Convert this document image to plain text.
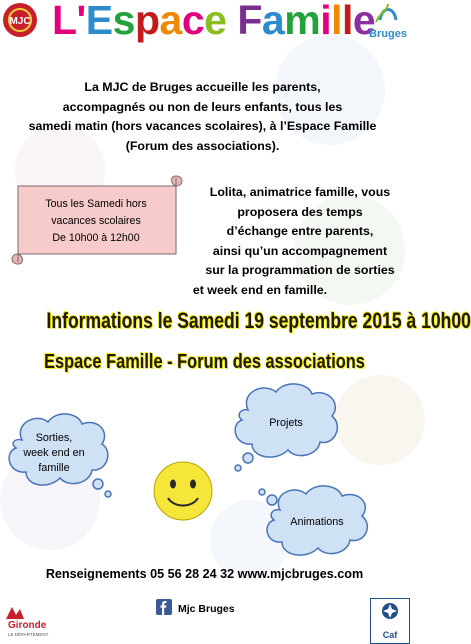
MJC L'Espace Famille
Bruges
La MJC de Bruges accueille les parents,
accompagnés ou non de leurs enfants, tous les
samedi matin (hors vacances scolaires), à l’Espace Famille
(Forum des associations).
Tous les Samedi hors
vacances scolaires
De 10h00 à 12h00
Lolita, animatrice famille, vous
proposera des temps
d’échange entre parents,
ainsi qu’un accompagnement
sur la programmation de sorties
et week end en famille.
Informations le Samedi 19 septembre 2015 à 10h00
Espace Famille - Forum des associations
Sorties,
week end en
famille
Projets
Animations
Renseignements 05 56 28 24 32 www.mjcbruges.com
Mjc Bruges
Gironde
LE DÉPARTEMENT	Caf
